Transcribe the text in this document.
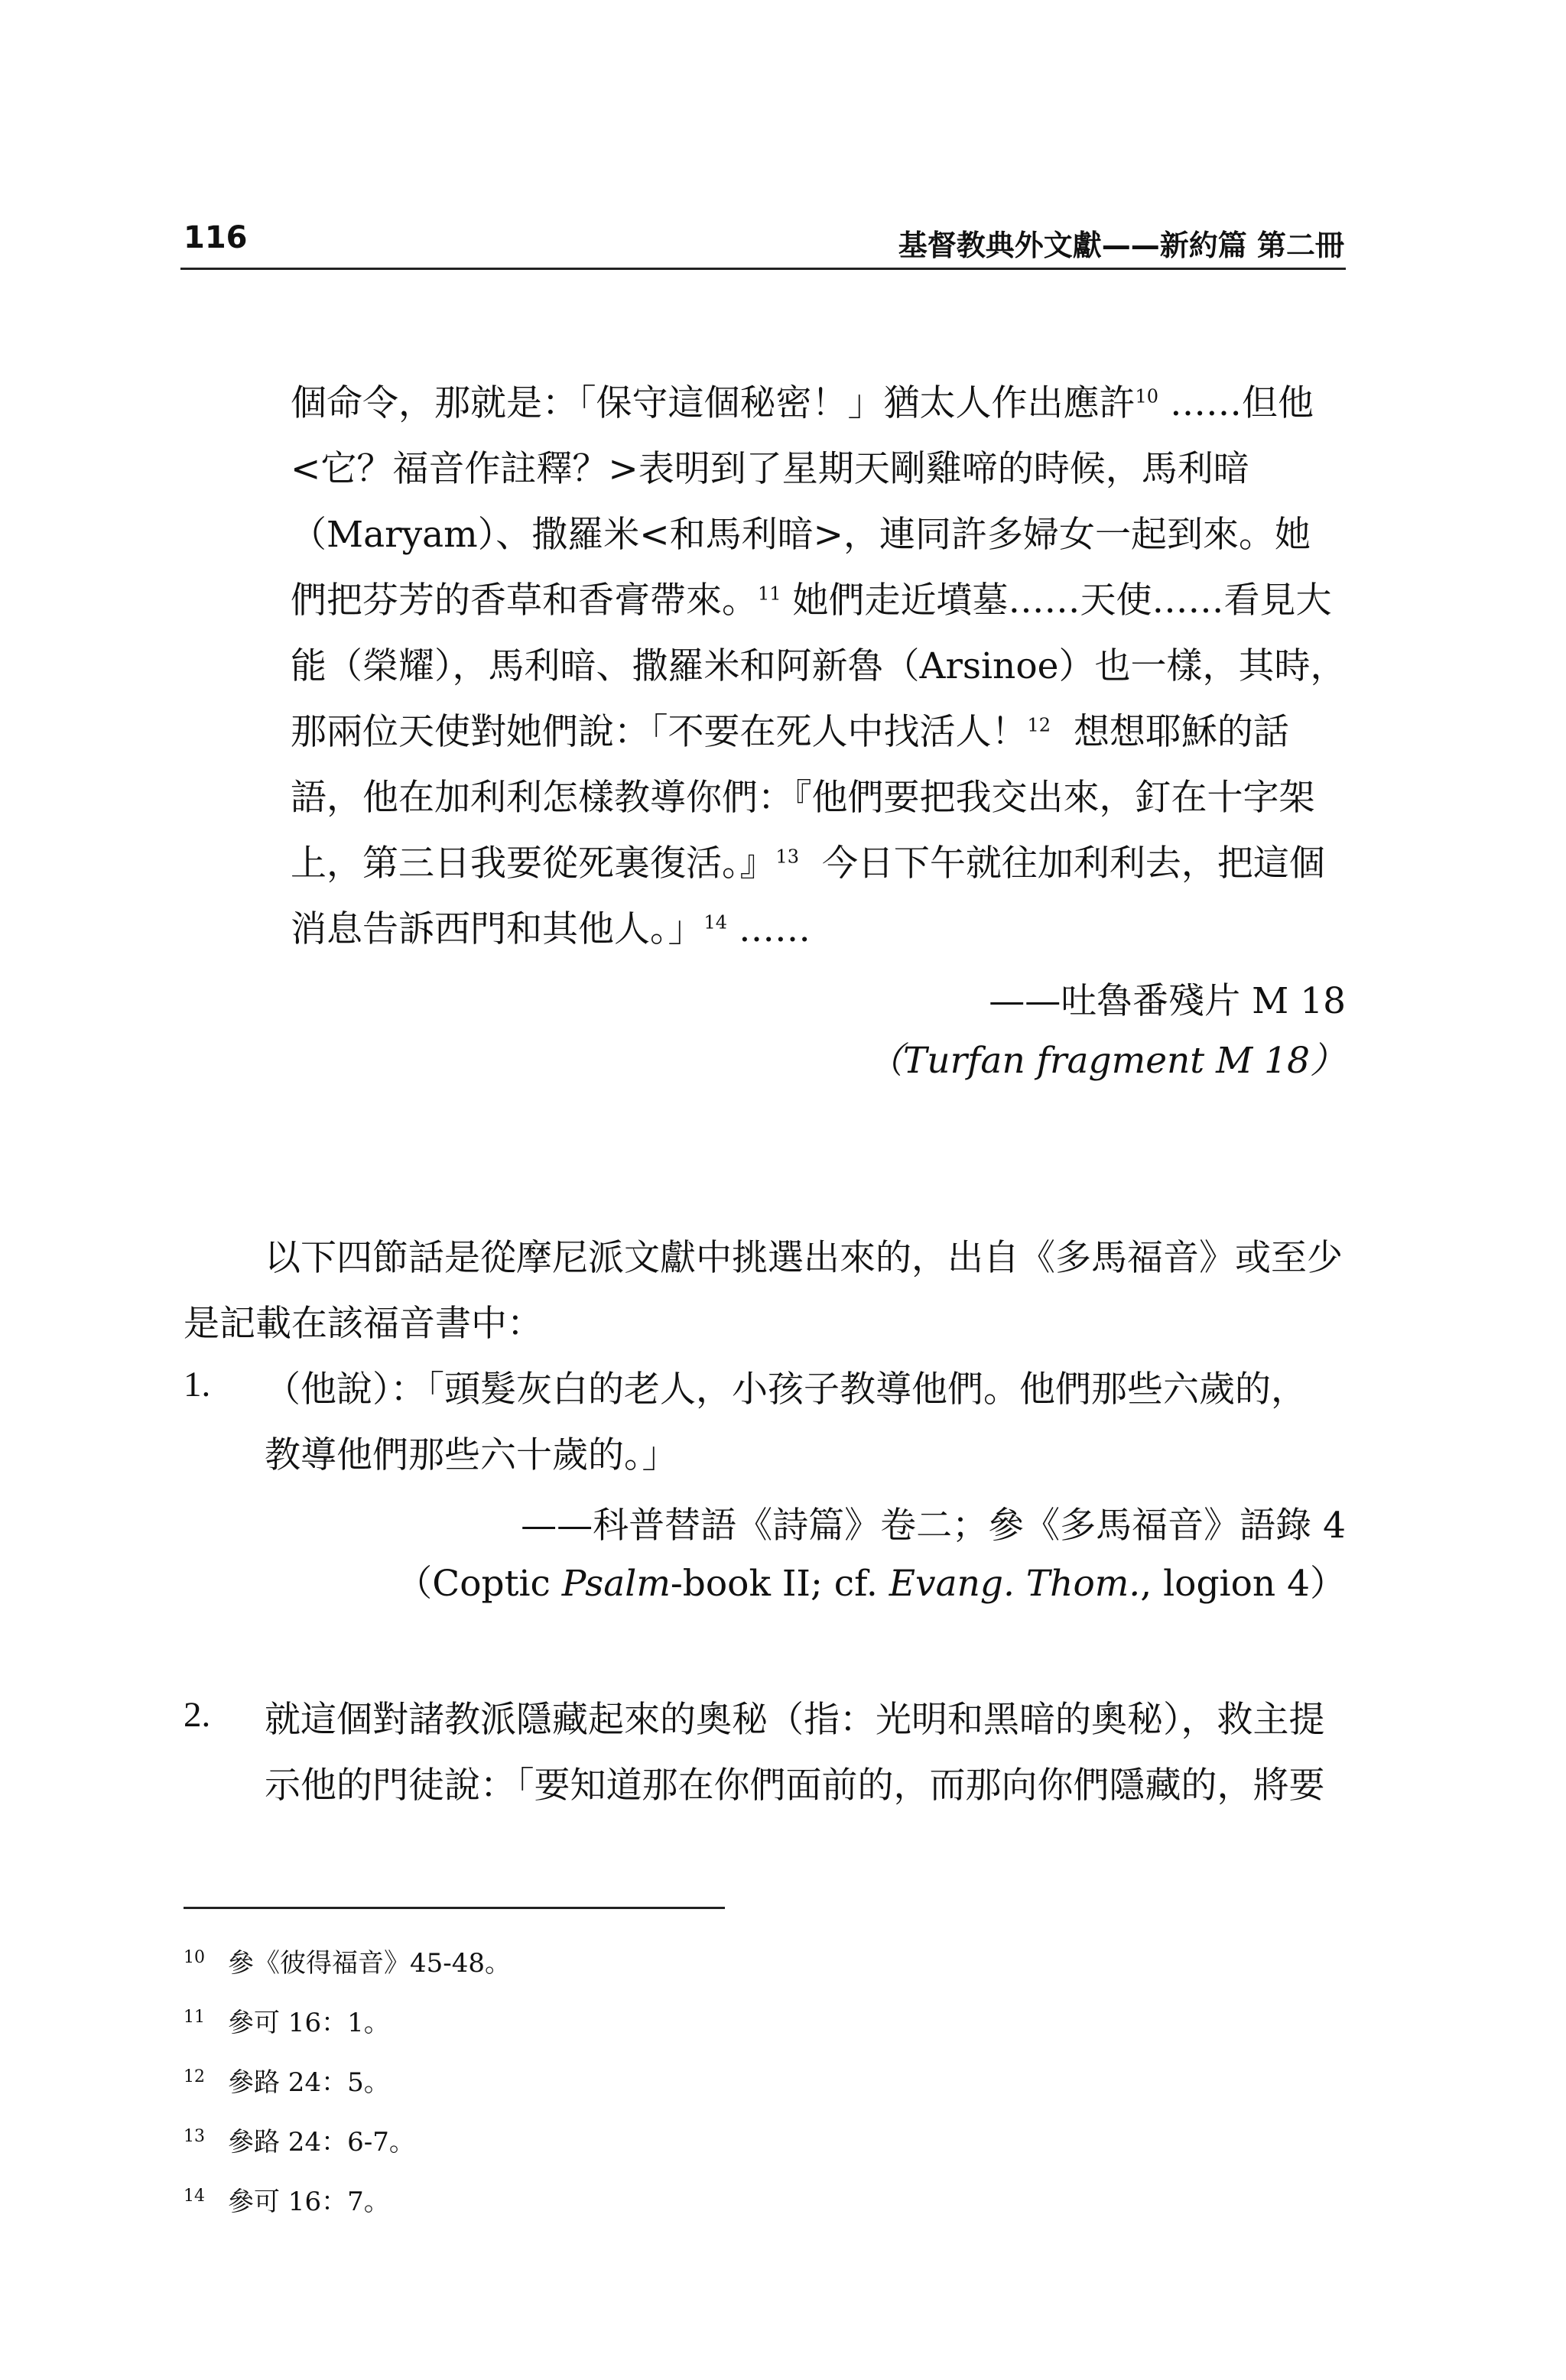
116	基督教典外文獻——新約篇 第二冊
個命令，那就是：「保守這個秘密！」猶太人作出應許$^{10}$ ……但他
<它？福音作註釋？>表明到了星期天剛雞啼的時候，馬利暗
（Maryam）、撒羅米<和馬利暗>，連同許多婦女一起到來。她
們把芬芳的香草和香膏帶來。$^{11}$ 她們走近墳墓……天使……看見大
能（榮耀），馬利暗、撒羅米和阿新魯（Arsinoe）也一樣，其時，
那兩位天使對她們說：「不要在死人中找活人！$^{12}$ 想想耶穌的話
語，他在加利利怎樣教導你們：『他們要把我交出來，釘在十字架
上，第三日我要從死裏復活。』$^{13}$ 今日下午就往加利利去，把這個
消息告訴西門和其他人。」$^{14}$ ……
——吐魯番殘片 M 18
（Turfan fragment M 18）
以下四節話是從摩尼派文獻中挑選出來的，出自《多馬福音》或至少
是記載在該福音書中：
1. （他說）：「頭髮灰白的老人，小孩子教導他們。他們那些六歲的，
教導他們那些六十歲的。」
——科普替語《詩篇》卷二；參《多馬福音》語錄 4
（Coptic Psalm-book II; cf. Evang. Thom., logion 4）
2. 就這個對諸教派隱藏起來的奧秘（指：光明和黑暗的奧秘），救主提
示他的門徒說：「要知道那在你們面前的，而那向你們隱藏的，將要
10 參《彼得福音》45-48。
11 參可 16：1。
12 參路 24：5。
13 參路 24：6-7。
14 參可 16：7。
